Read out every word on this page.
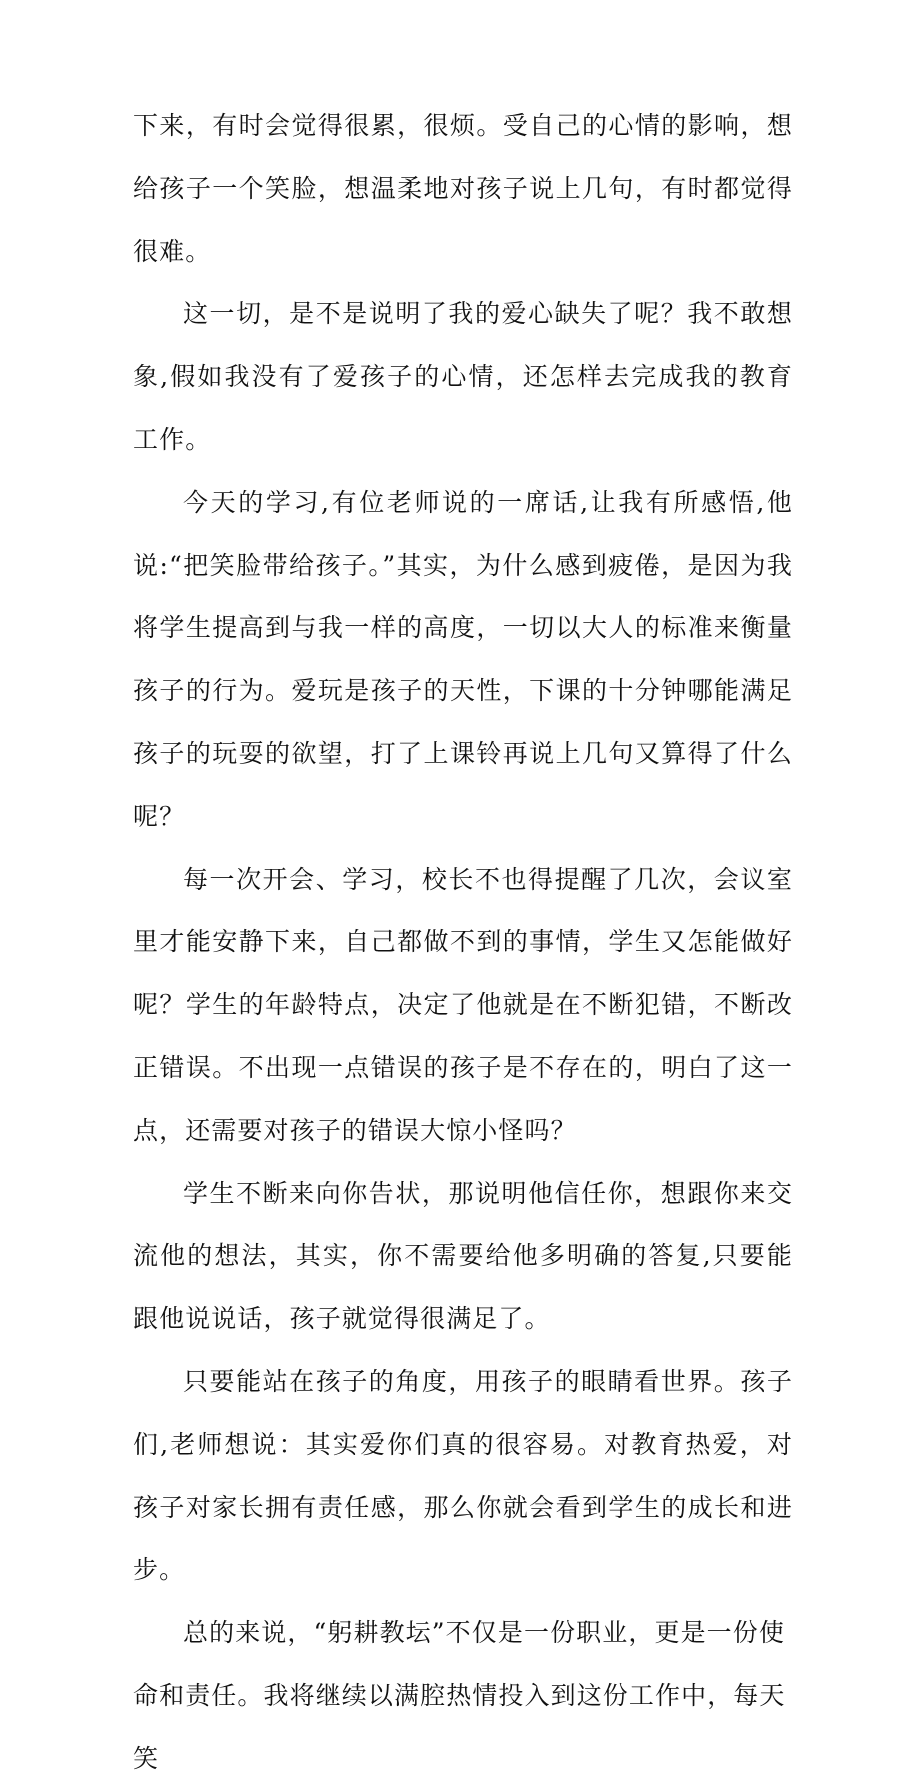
下来，有时会觉得很累，很烦。受自己的心情的影响，想给孩子一个笑脸，想温柔地对孩子说上几句，有时都觉得很难。

这一切，是不是说明了我的爱心缺失了呢？我不敢想象,假如我没有了爱孩子的心情，还怎样去完成我的教育工作。

今天的学习,有位老师说的一席话,让我有所感悟,他说:“把笑脸带给孩子。”其实，为什么感到疲倦，是因为我将学生提高到与我一样的高度，一切以大人的标准来衡量孩子的行为。爱玩是孩子的天性，下课的十分钟哪能满足孩子的玩耍的欲望，打了上课铃再说上几句又算得了什么呢？

每一次开会、学习，校长不也得提醒了几次，会议室里才能安静下来，自己都做不到的事情，学生又怎能做好呢？学生的年龄特点，决定了他就是在不断犯错，不断改正错误。不出现一点错误的孩子是不存在的，明白了这一点，还需要对孩子的错误大惊小怪吗？

学生不断来向你告状，那说明他信任你，想跟你来交流他的想法，其实，你不需要给他多明确的答复,只要能跟他说说话，孩子就觉得很满足了。

只要能站在孩子的角度，用孩子的眼睛看世界。孩子们,老师想说：其实爱你们真的很容易。对教育热爱，对孩子对家长拥有责任感，那么你就会看到学生的成长和进步。

总的来说，“躬耕教坛”不仅是一份职业，更是一份使命和责任。我将继续以满腔热情投入到这份工作中，每天笑
